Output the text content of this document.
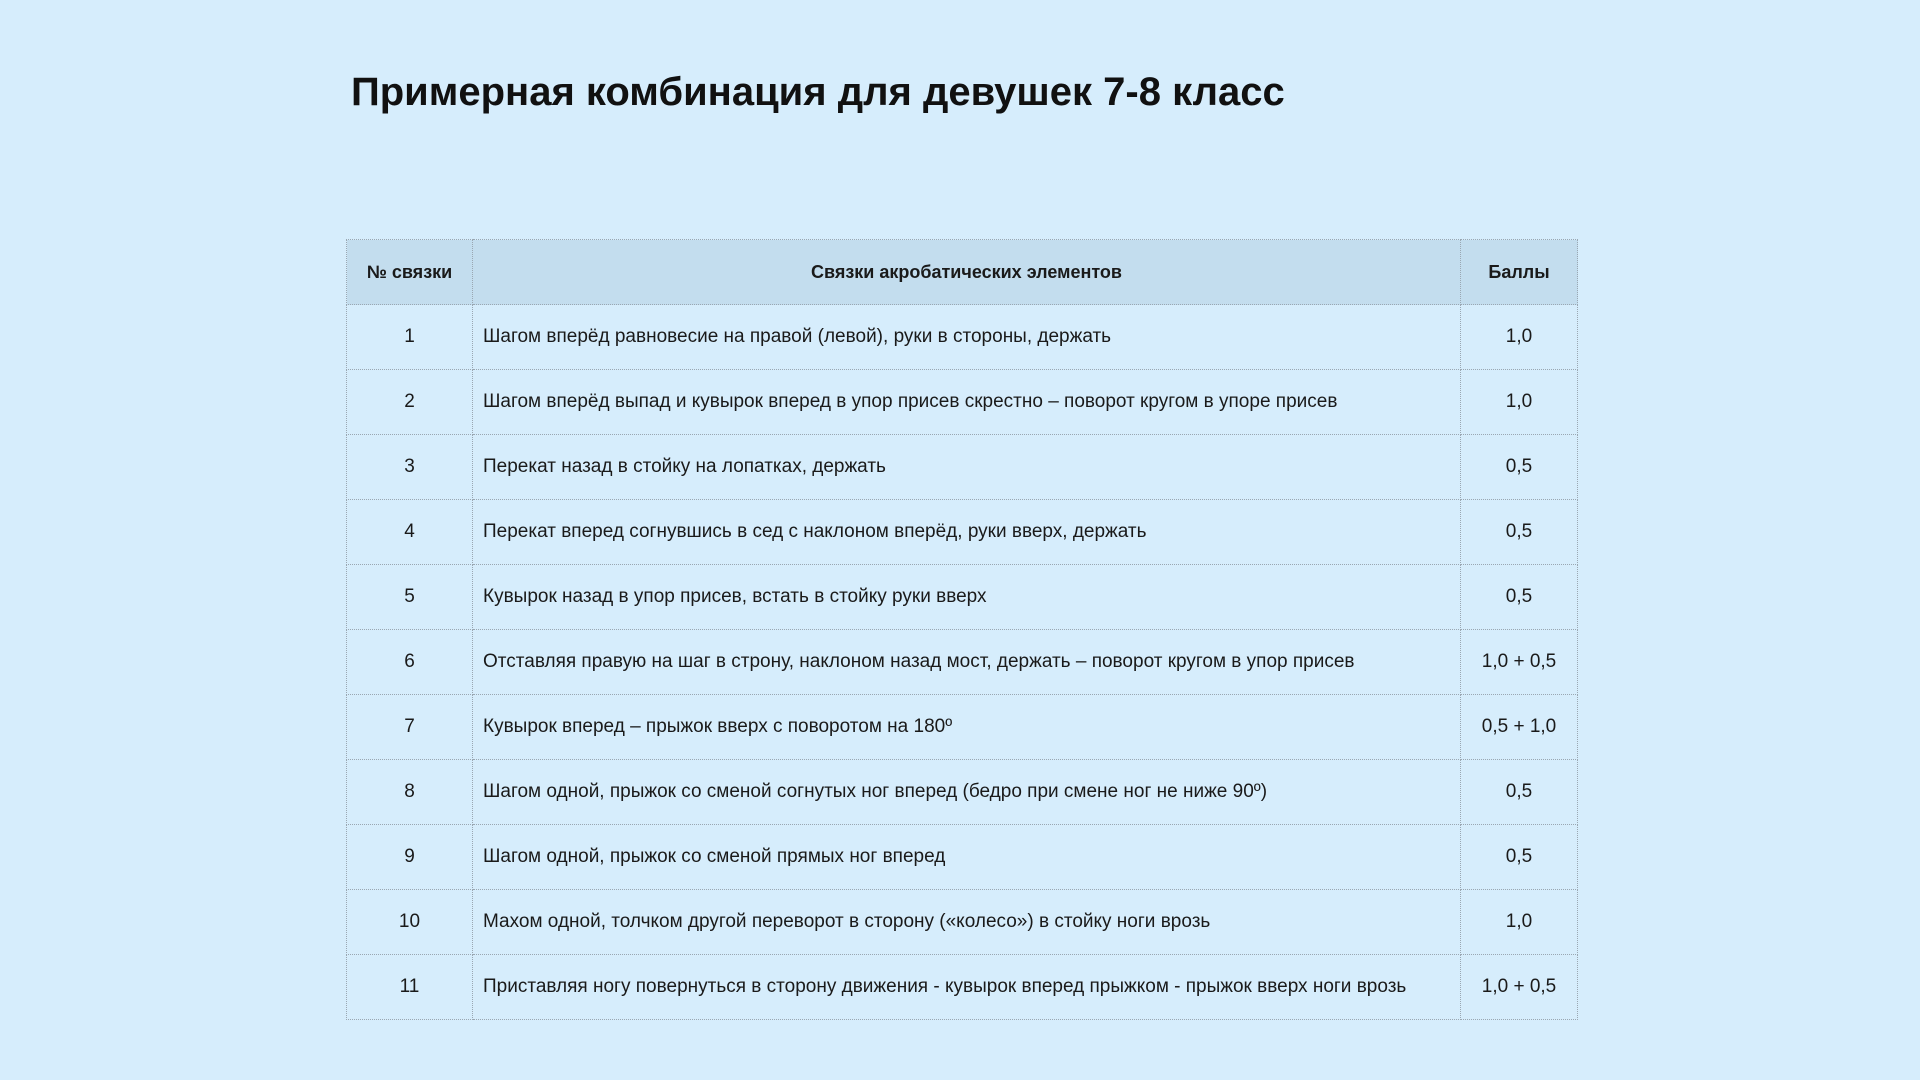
Примерная комбинация для девушек 7-8 класс
№ связки	Связки акробатических элементов	Баллы
1	Шагом вперёд равновесие на правой (левой), руки в стороны, держать	1,0
2	Шагом вперёд выпад и кувырок вперед в упор присев скрестно – поворот кругом в упоре присев	1,0
3	Перекат назад в стойку на лопатках, держать	0,5
4	Перекат вперед согнувшись в сед с наклоном вперёд, руки вверх, держать	0,5
5	Кувырок назад в упор присев, встать в стойку руки вверх	0,5
6	Отставляя правую на шаг в строну, наклоном назад мост, держать – поворот кругом в упор присев	1,0 + 0,5
7	Кувырок вперед – прыжок вверх с поворотом на 180º	0,5 + 1,0
8	Шагом одной, прыжок со сменой согнутых ног вперед (бедро при смене ног не ниже 90º)	0,5
9	Шагом одной, прыжок со сменой прямых ног вперед	0,5
10	Махом одной, толчком другой переворот в сторону («колесо») в стойку ноги врозь	1,0
11	Приставляя ногу повернуться в сторону движения - кувырок вперед прыжком - прыжок вверх ноги врозь	1,0 + 0,5
